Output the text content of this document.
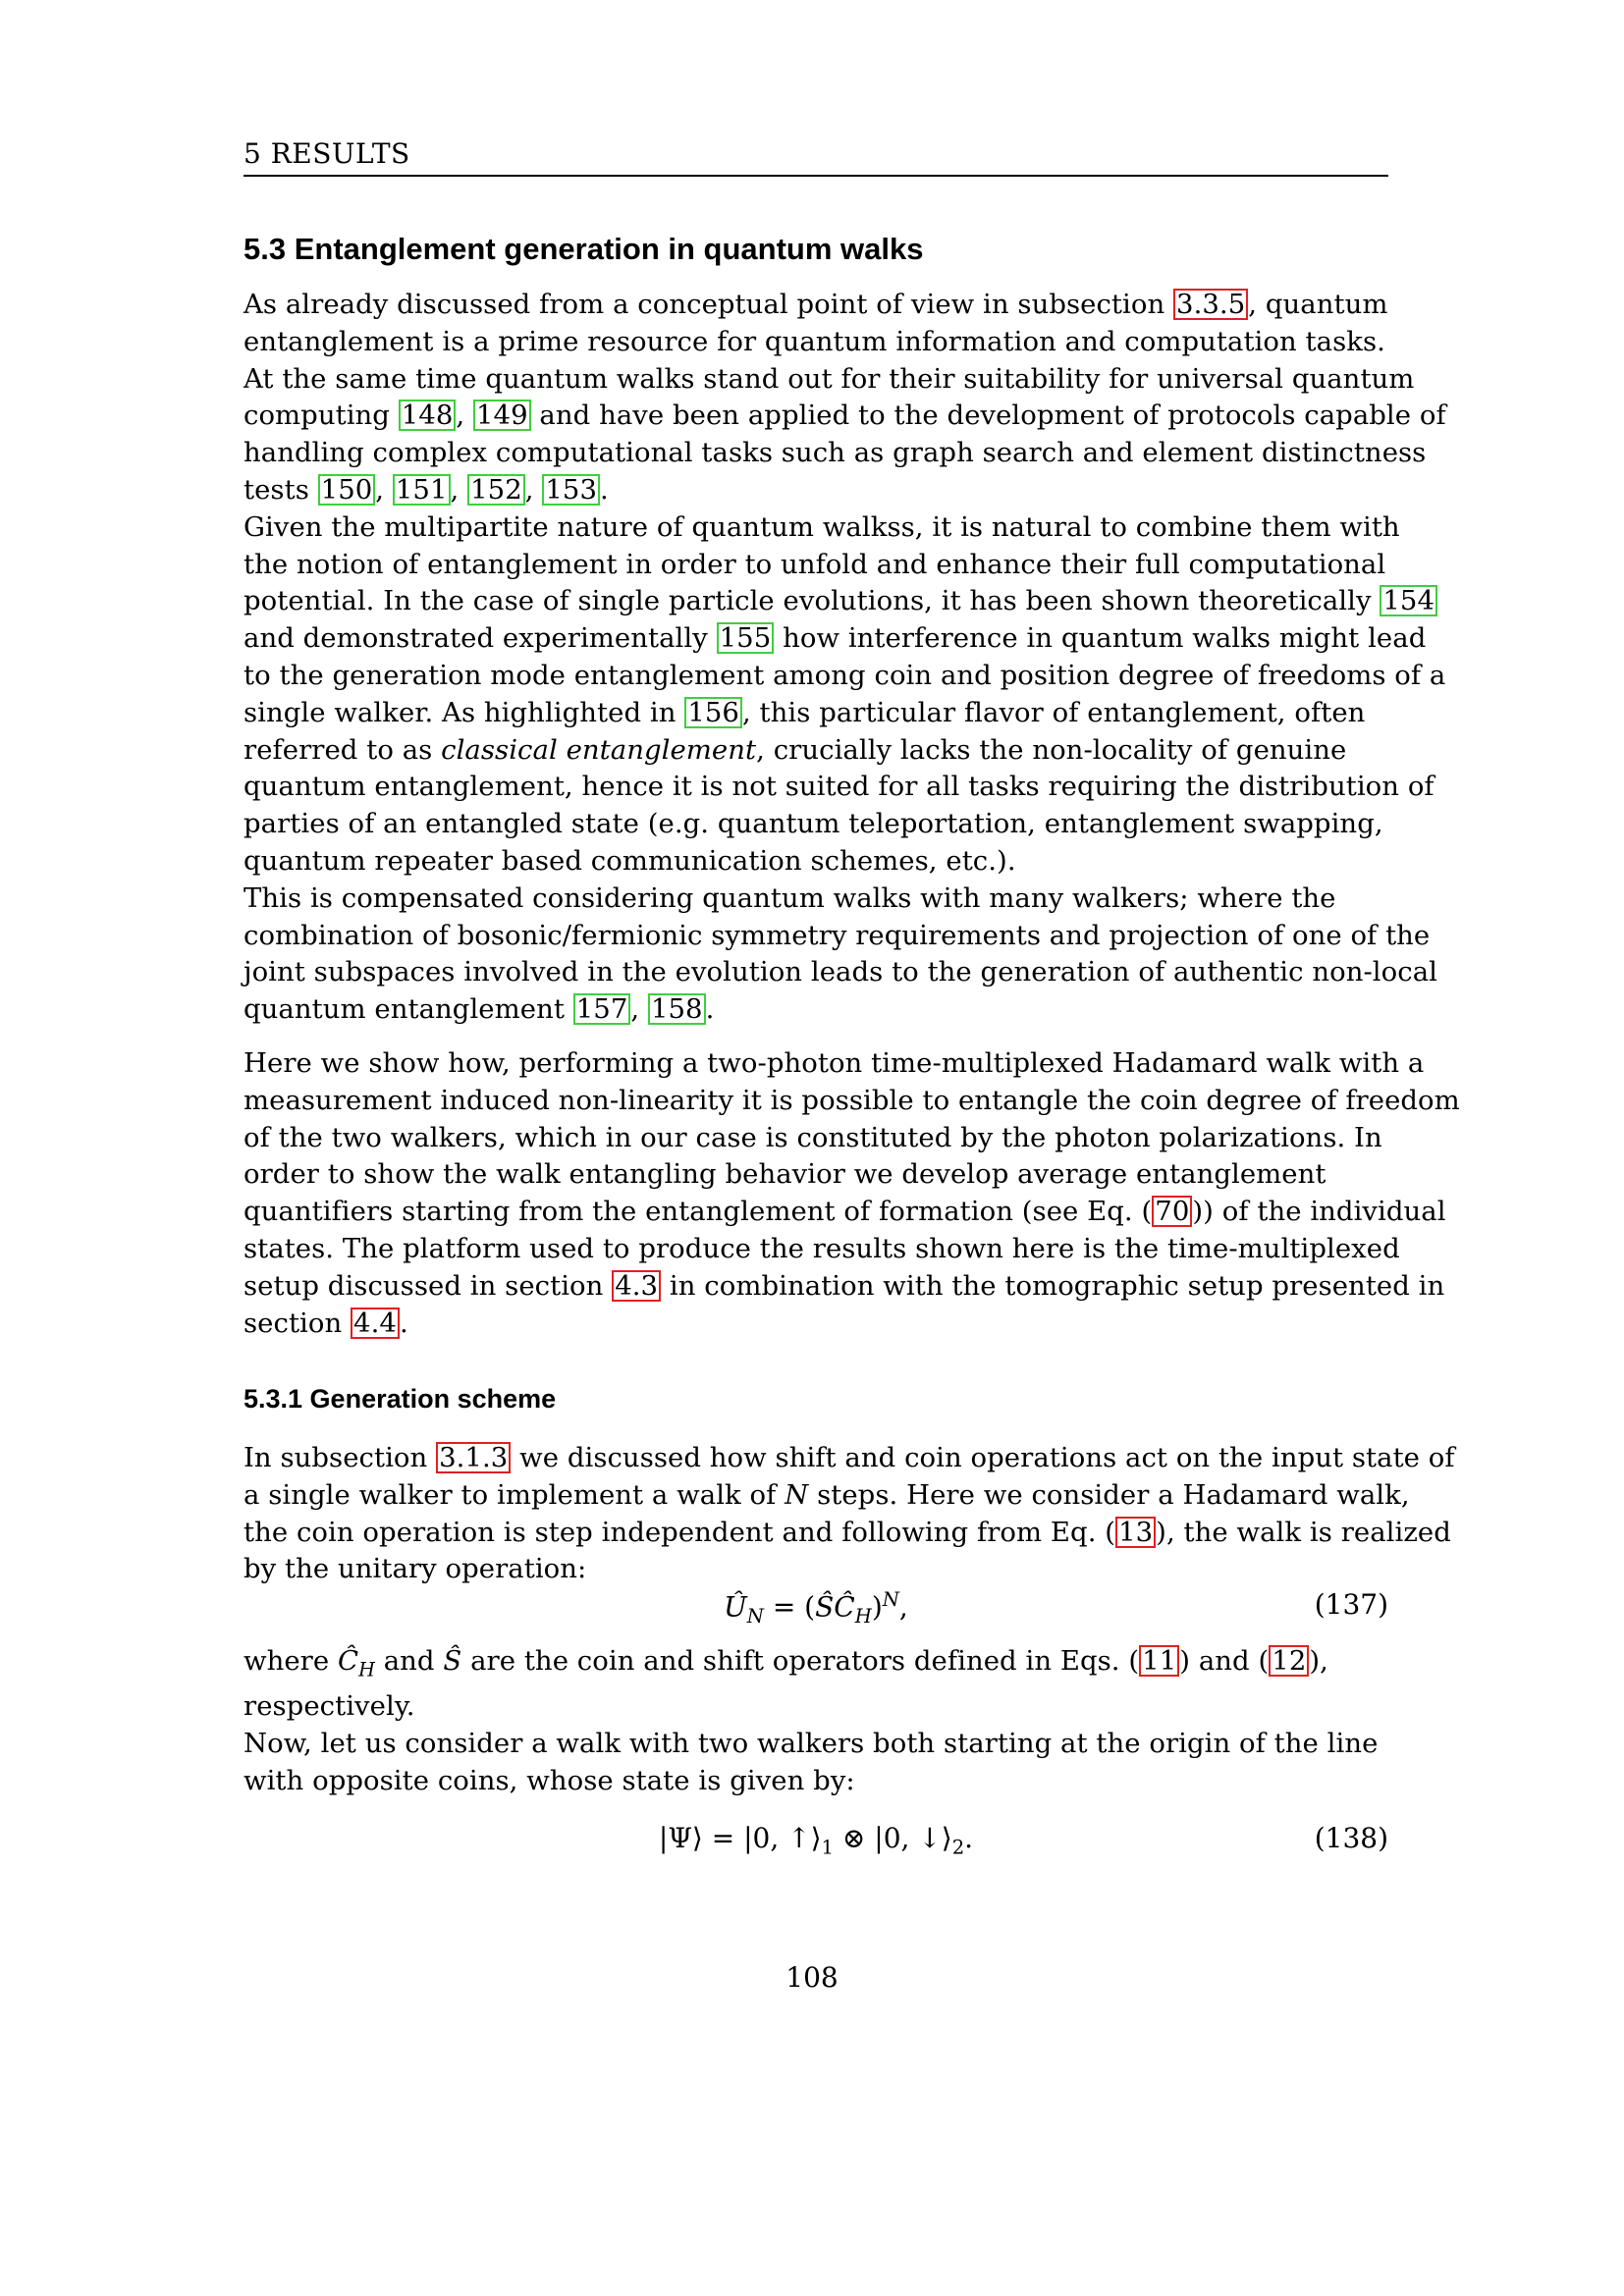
5 RESULTS
5.3 Entanglement generation in quantum walks
As already discussed from a conceptual point of view in subsection 3.3.5 , quantum
entanglement is a prime resource for quantum information and computation tasks.
At the same time quantum walks stand out for their suitability for universal quantum
computing 148 , 149 and have been applied to the development of protocols capable of
handling complex computational tasks such as graph search and element distinctness
tests 150 , 151 , 152 , 153 .
Given the multipartite nature of quantum walkss, it is natural to combine them with
the notion of entanglement in order to unfold and enhance their full computational
potential. In the case of single particle evolutions, it has been shown theoretically 154
and demonstrated experimentally 155 how interference in quantum walks might lead
to the generation mode entanglement among coin and position degree of freedoms of a
single walker. As highlighted in 156 , this particular flavor of entanglement, often
referred to as classical entanglement, crucially lacks the non-locality of genuine
quantum entanglement, hence it is not suited for all tasks requiring the distribution of
parties of an entangled state (e.g. quantum teleportation, entanglement swapping,
quantum repeater based communication schemes, etc.).
This is compensated considering quantum walks with many walkers; where the
combination of bosonic/fermionic symmetry requirements and projection of one of the
joint subspaces involved in the evolution leads to the generation of authentic non-local
quantum entanglement 157 , 158 .
Here we show how, performing a two-photon time-multiplexed Hadamard walk with a
measurement induced non-linearity it is possible to entangle the coin degree of freedom
of the two walkers, which in our case is constituted by the photon polarizations. In
order to show the walk entangling behavior we develop average entanglement
quantifiers starting from the entanglement of formation (see Eq. ( 70 )) of the individual
states. The platform used to produce the results shown here is the time-multiplexed
setup discussed in section 4.3 in combination with the tomographic setup presented in
section 4.4 .
5.3.1 Generation scheme
In subsection 3.1.3 we discussed how shift and coin operations act on the input state of
a single walker to implement a walk of N steps. Here we consider a Hadamard walk,
the coin operation is step independent and following from Eq. ( 13 ), the walk is realized
by the unitary operation:
$Û_N$ = $(ŜĈ_H)^N$,	(137)
where $Ĉ_H$ and Ŝ are the coin and shift operators defined in Eqs. ( 11 ) and ( 12 ),
respectively.
Now, let us consider a walk with two walkers both starting at the origin of the line
with opposite coins, whose state is given by:
|Ψ⟩ = |0, $↑⟩_1$ ⊗ |0, $↓⟩_2$.	(138)
108
